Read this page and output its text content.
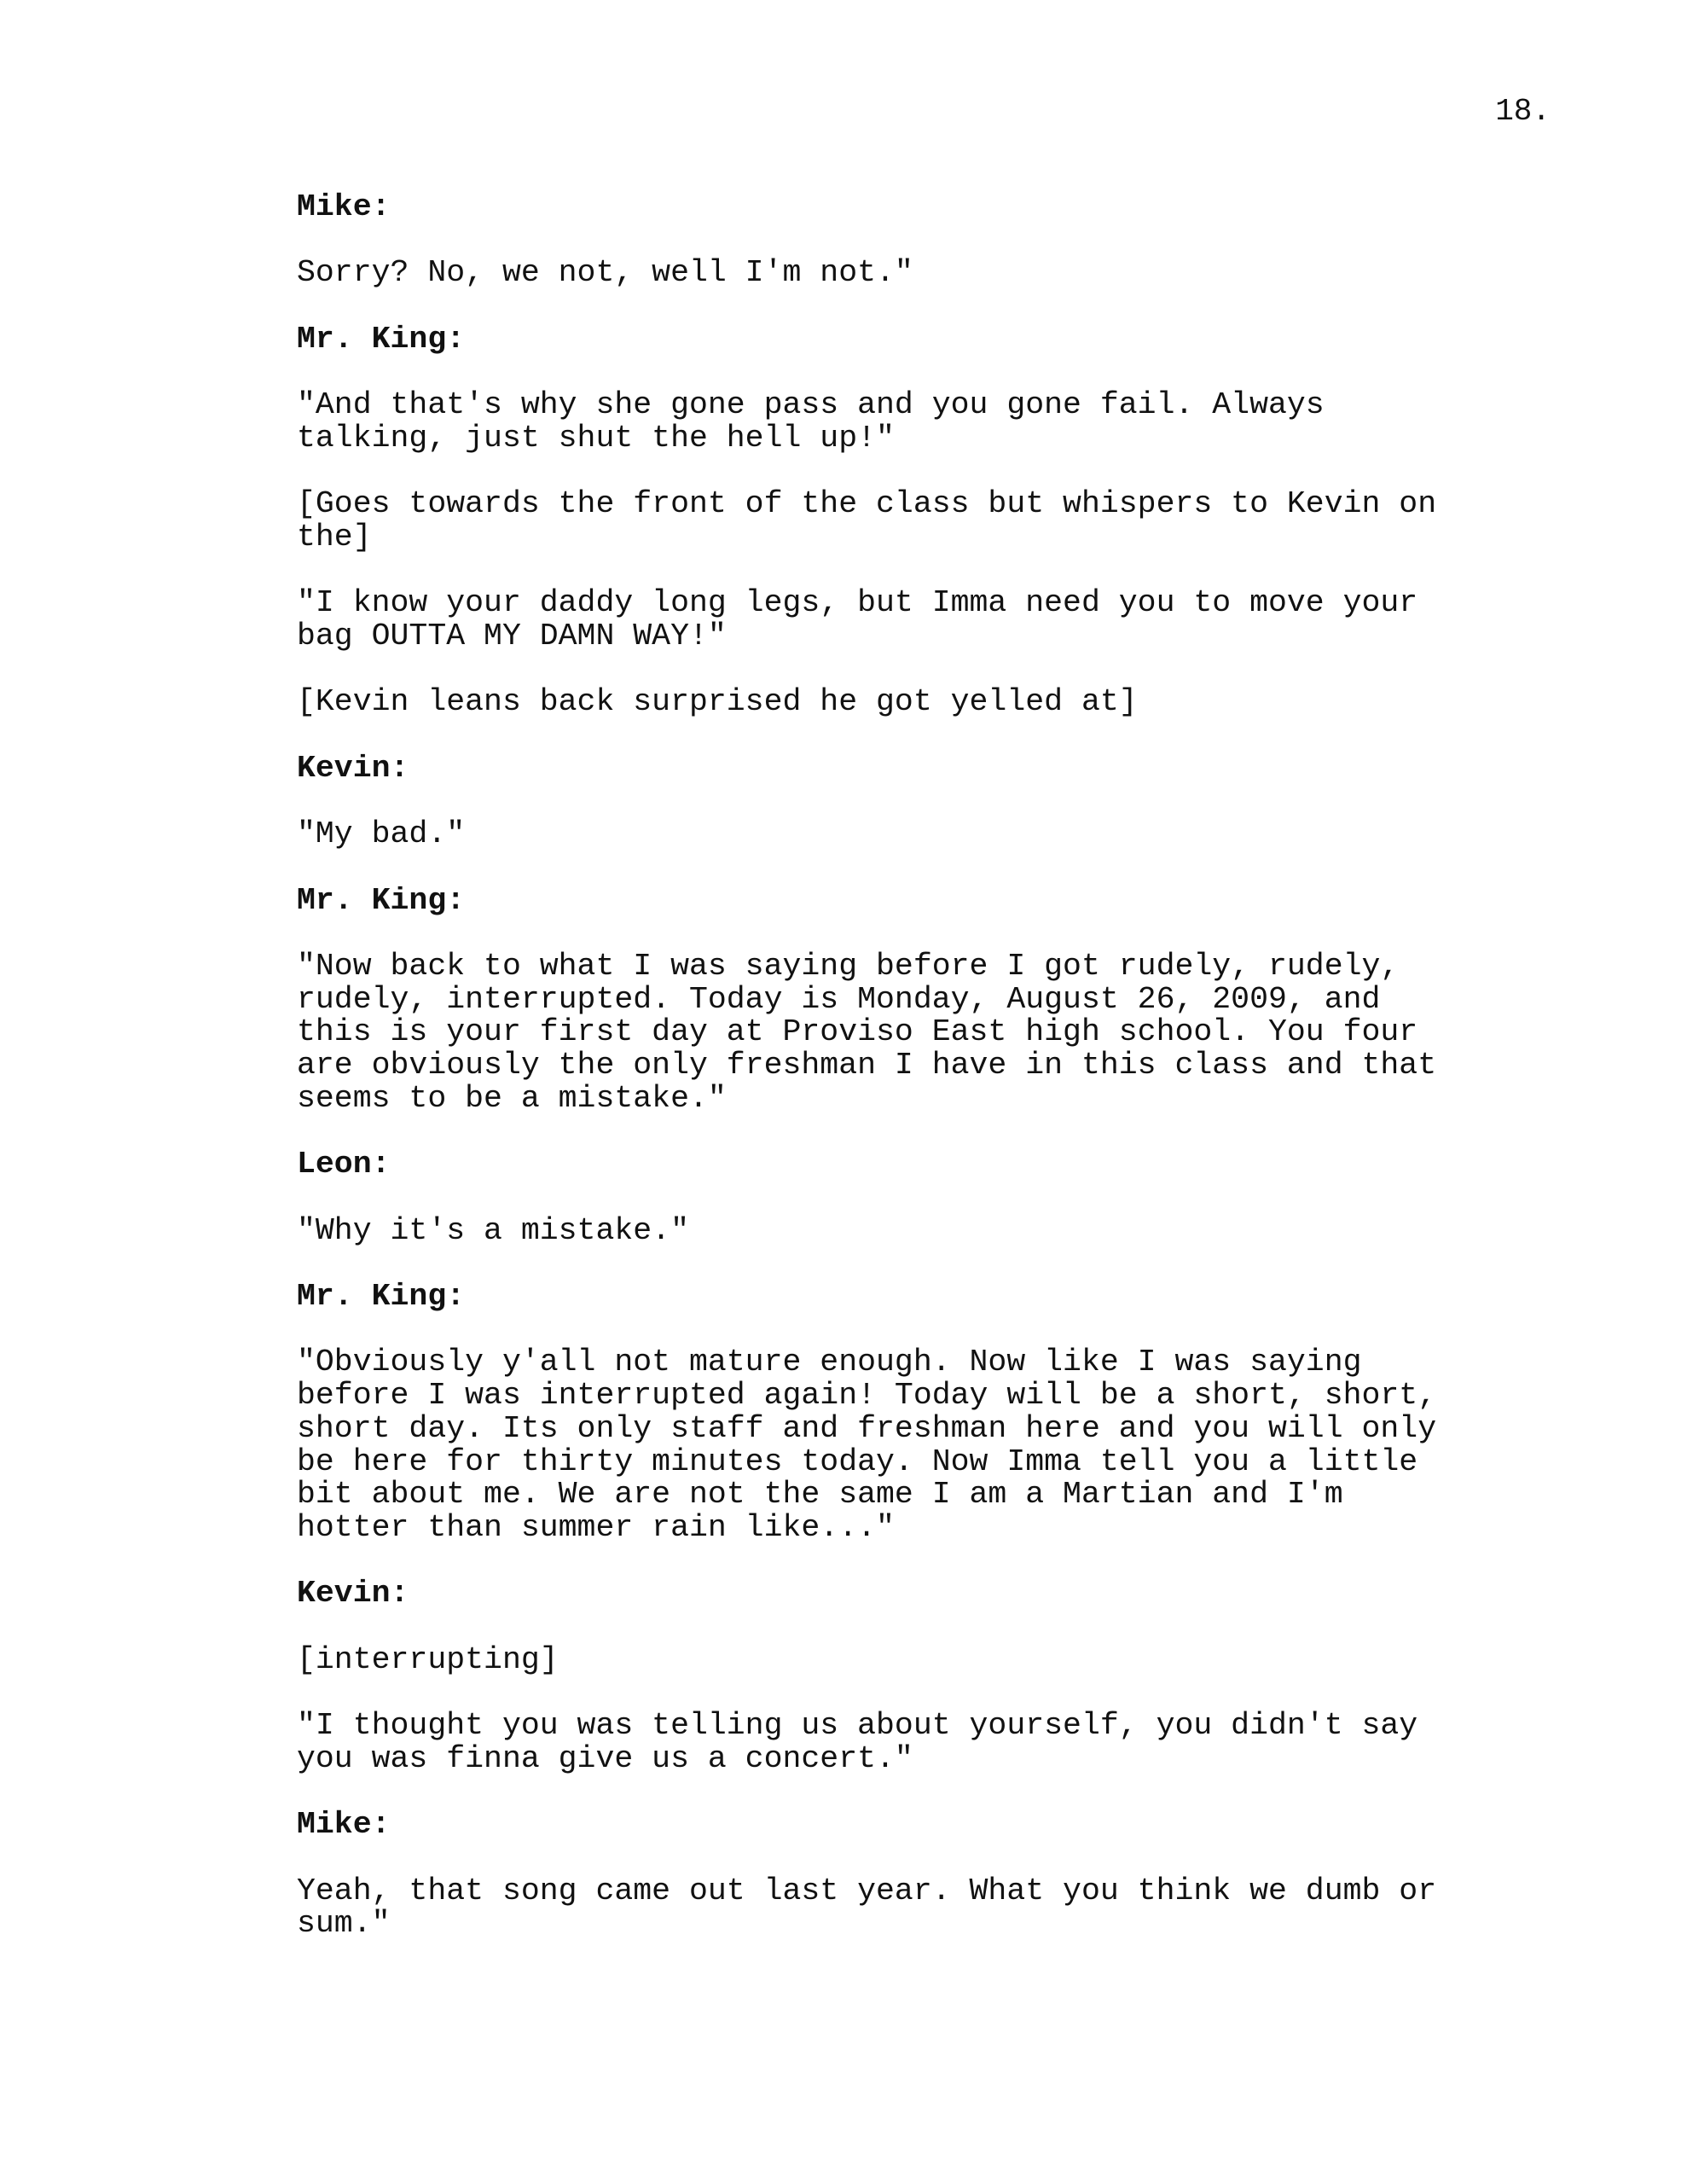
18.

Mike:

Sorry? No, we not, well I'm not."

Mr. King:

"And that's why she gone pass and you gone fail. Always
talking, just shut the hell up!"

[Goes towards the front of the class but whispers to Kevin on
the]

"I know your daddy long legs, but Imma need you to move your
bag OUTTA MY DAMN WAY!"

[Kevin leans back surprised he got yelled at]

Kevin:

"My bad."

Mr. King:

"Now back to what I was saying before I got rudely, rudely,
rudely, interrupted. Today is Monday, August 26, 2009, and
this is your first day at Proviso East high school. You four
are obviously the only freshman I have in this class and that
seems to be a mistake."

Leon:

"Why it's a mistake."

Mr. King:

"Obviously y'all not mature enough. Now like I was saying
before I was interrupted again! Today will be a short, short,
short day. Its only staff and freshman here and you will only
be here for thirty minutes today. Now Imma tell you a little
bit about me. We are not the same I am a Martian and I'm
hotter than summer rain like..."

Kevin:

[interrupting]

"I thought you was telling us about yourself, you didn't say
you was finna give us a concert."

Mike:

Yeah, that song came out last year. What you think we dumb or
sum."
